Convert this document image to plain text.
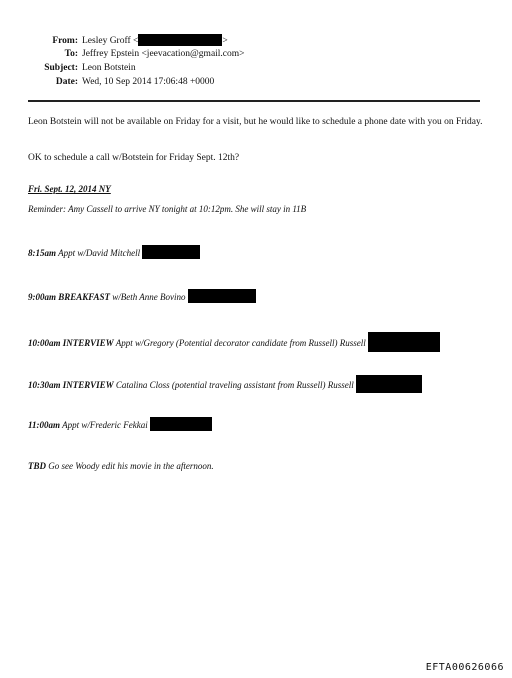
From: Lesley Groff <	>
To: Jeffrey Epstein <jeevacation@gmail.com>
Subject: Leon Botstein
Date: Wed, 10 Sep 2014 17:06:48 +0000
Leon Botstein will not be available on Friday for a visit, but he would like to schedule a phone date with you on Friday.
OK to schedule a call w/Botstein for Friday Sept. 12th?
Fri. Sept. 12, 2014 NY
Reminder: Amy Cassell to arrive NY tonight at 10:12pm. She will stay in 11B
8:15am Appt w/David Mitchell
9:00am BREAKFAST w/Beth Anne Bovino
10:00am INTERVIEW Appt w/Gregory (Potential decorator candidate from Russell) Russell
10:30am INTERVIEW Catalina Closs (potential traveling assistant from Russell) Russell
11:00am Appt w/Frederic Fekkai
TBD Go see Woody edit his movie in the afternoon.
EFTA00626066
